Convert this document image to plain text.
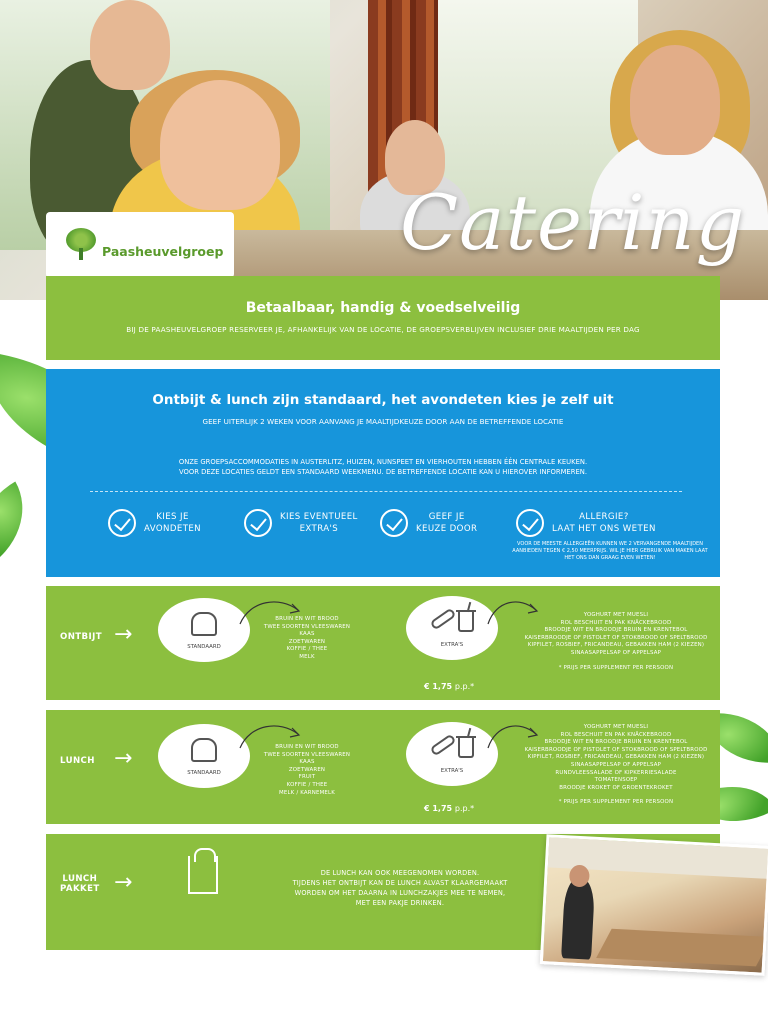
Catering
Paasheuvelgroep
Betaalbaar, handig & voedselveilig
BIJ DE PAASHEUVELGROEP RESERVEER JE, AFHANKELIJK VAN DE LOCATIE, DE GROEPSVERBLIJVEN INCLUSIEF DRIE MAALTIJDEN PER DAG
Ontbijt & lunch zijn standaard, het avondeten kies je zelf uit
GEEF UITERLIJK 2 WEKEN VOOR AANVANG JE MAALTIJDKEUZE DOOR AAN DE BETREFFENDE LOCATIE
ONZE GROEPSACCOMMODATIES IN AUSTERLITZ, HUIZEN, NUNSPEET EN VIERHOUTEN HEBBEN ÉÉN CENTRALE KEUKEN.
VOOR DEZE LOCATIES GELDT EEN STANDAARD WEEKMENU. DE BETREFFENDE LOCATIE KAN U HIEROVER INFORMEREN.
KIES JE
AVONDETEN
KIES EVENTUEEL
EXTRA'S
GEEF JE
KEUZE DOOR
ALLERGIE?
LAAT HET ONS WETEN
VOOR DE MEESTE ALLERGIEËN KUNNEN WE 2 VERVANGENDE MAALTIJDEN AANBIEDEN TEGEN € 2,50 MEERPRIJS. WIL JE HIER GEBRUIK VAN MAKEN LAAT HET ONS DAN GRAAG EVEN WETEN!
ONTBIJT →	STANDAARD
BRUIN EN WIT BROOD
TWEE SOORTEN VLEESWAREN
KAAS
ZOETWAREN
KOFFIE / THEE
MELK
EXTRA'S
YOGHURT MET MUESLI
ROL BESCHUIT EN PAK KNÄCKEBROOD
BROODJE WIT EN BROODJE BRUIN EN KRENTEBOL
KAISERBROODJE OF PISTOLET OF STOKBROOD OF SPELTBROOD
KIPFILET, ROSBIEF, FRICANDEAU, GEBAKKEN HAM (2 KIEZEN)
SINAASAPPELSAP OF APPELSAP
* PRIJS PER SUPPLEMENT PER PERSOON
€ 1,75 p.p.*
LUNCH →
STANDAARD
BRUIN EN WIT BROOD
TWEE SOORTEN VLEESWAREN
KAAS
ZOETWAREN
FRUIT
KOFFIE / THEE
MELK / KARNEMELK
EXTRA'S
YOGHURT MET MUESLI
ROL BESCHUIT EN PAK KNÄCKEBROOD
BROODJE WIT EN BROODJE BRUIN EN KRENTEBOL
KAISERBROODJE OF PISTOLET OF STOKBROOD OF SPELTBROOD
KIPFILET, ROSBIEF, FRICANDEAU, GEBAKKEN HAM (2 KIEZEN)
SINAASAPPELSAP OF APPELSAP
RUNDVLEESSALADE OF KIPKERRIESALADE
TOMATENSOEP
BROODJE KROKET OF GROENTEKROKET
* PRIJS PER SUPPLEMENT PER PERSOON
€ 1,75 p.p.*
LUNCH
PAKKET →	DE LUNCH KAN OOK MEEGENOMEN WORDEN.
TIJDENS HET ONTBIJT KAN DE LUNCH ALVAST KLAARGEMAAKT
WORDEN OM HET DAARNA IN LUNCHZAKJES MEE TE NEMEN,
MET EEN PAKJE DRINKEN.
